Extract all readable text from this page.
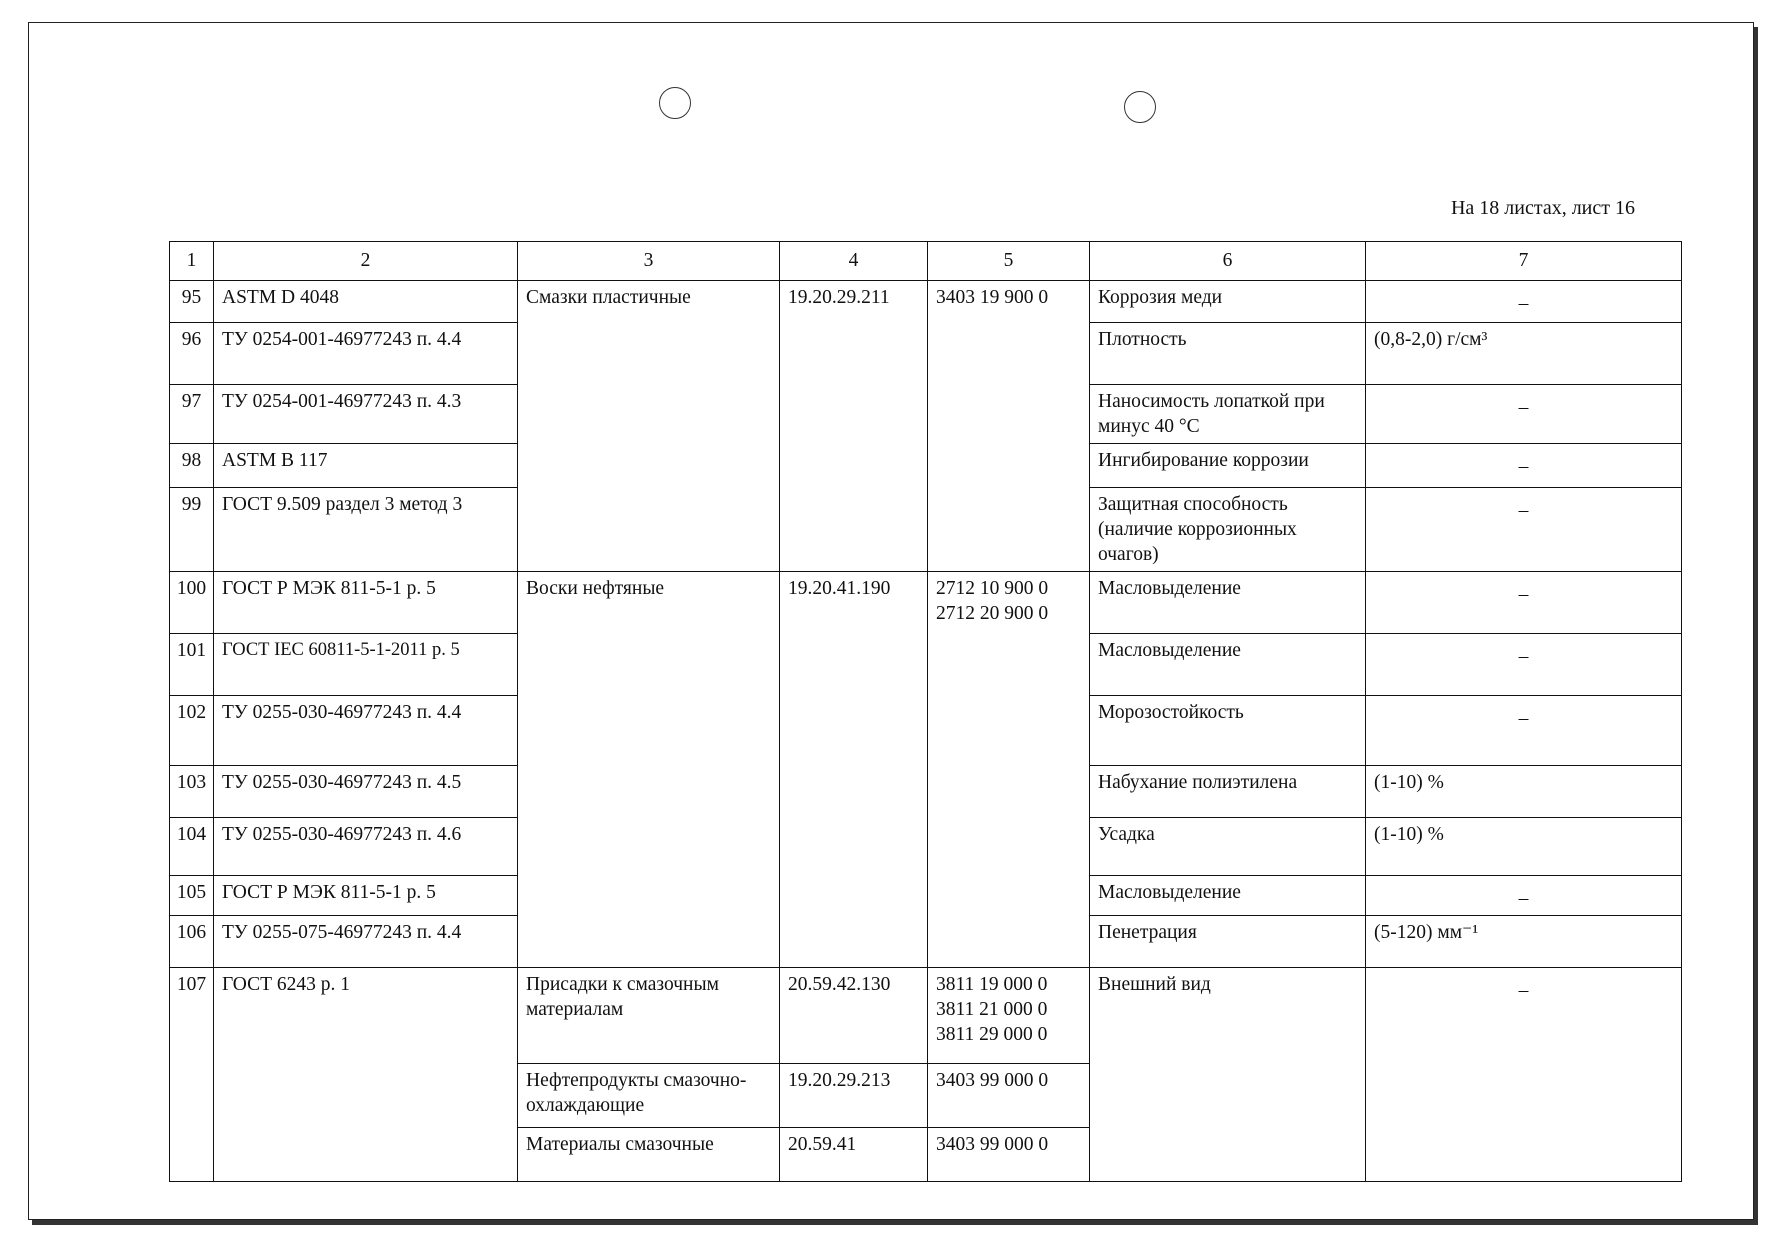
На 18 листах, лист 16
1	2	3	4	5	6	7
95	ASTM D 4048	Смазки пластичные	19.20.29.211	3403 19 900 0	Коррозия меди	–

96	ТУ 0254-001-46977243 п. 4.4				Плотность	(0,8-2,0) г/см³
97	ТУ 0254-001-46977243 п. 4.3				Наносимость лопаткой при минус 40 °С	–

98	ASTM B 117				Ингибирование коррозии	–

99	ГОСТ 9.509 раздел 3 метод 3				Защитная способность (наличие коррозионных очагов)	–

100	ГОСТ Р МЭК 811-5-1 р. 5	Воски нефтяные	19.20.41.190	2712 10 900 0
2712 20 900 0	Масловыделение	–

101	ГОСТ IEC 60811-5-1-2011 р. 5				Масловыделение	–

102	ТУ 0255-030-46977243 п. 4.4				Морозостойкость	–

103	ТУ 0255-030-46977243 п. 4.5				Набухание полиэтилена	(1-10) %
104	ТУ 0255-030-46977243 п. 4.6				Усадка	(1-10) %
105	ГОСТ Р МЭК 811-5-1 р. 5				Масловыделение	–

106	ТУ 0255-075-46977243 п. 4.4				Пенетрация	(5-120) мм⁻¹
107	ГОСТ 6243 р. 1	Присадки к смазочным материалам	20.59.42.130	3811 19 000 0
3811 21 000 0
3811 29 000 0	Внешний вид	–

		Нефтепродукты смазочно-охлаждающие	19.20.29.213	3403 99 000 0		
		Материалы смазочные	20.59.41	3403 99 000 0		
